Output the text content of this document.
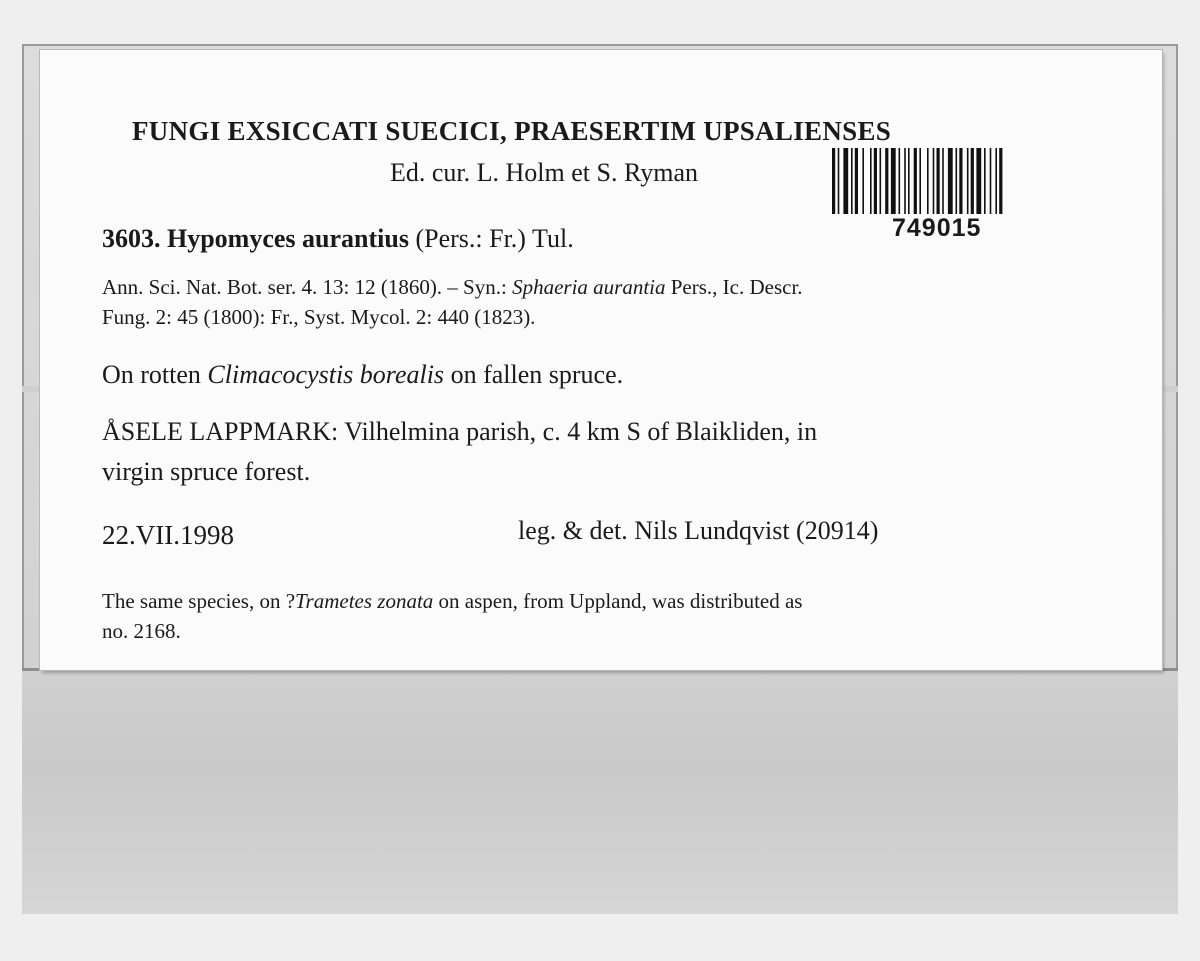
FUNGI EXSICCATI SUECICI, PRAESERTIM UPSALIENSES
Ed. cur. L. Holm et S. Ryman
749015
3603. Hypomyces aurantius (Pers.: Fr.) Tul.
Ann. Sci. Nat. Bot. ser. 4. 13: 12 (1860). – Syn.: Sphaeria aurantia Pers., Ic. Descr.
Fung. 2: 45 (1800): Fr., Syst. Mycol. 2: 440 (1823).
On rotten Climacocystis borealis on fallen spruce.
ÅSELE LAPPMARK: Vilhelmina parish, c. 4 km S of Blaikliden, in
virgin spruce forest.
22.VII.1998	leg. & det. Nils Lundqvist (20914)
The same species, on ?Trametes zonata on aspen, from Uppland, was distributed as
no. 2168.
